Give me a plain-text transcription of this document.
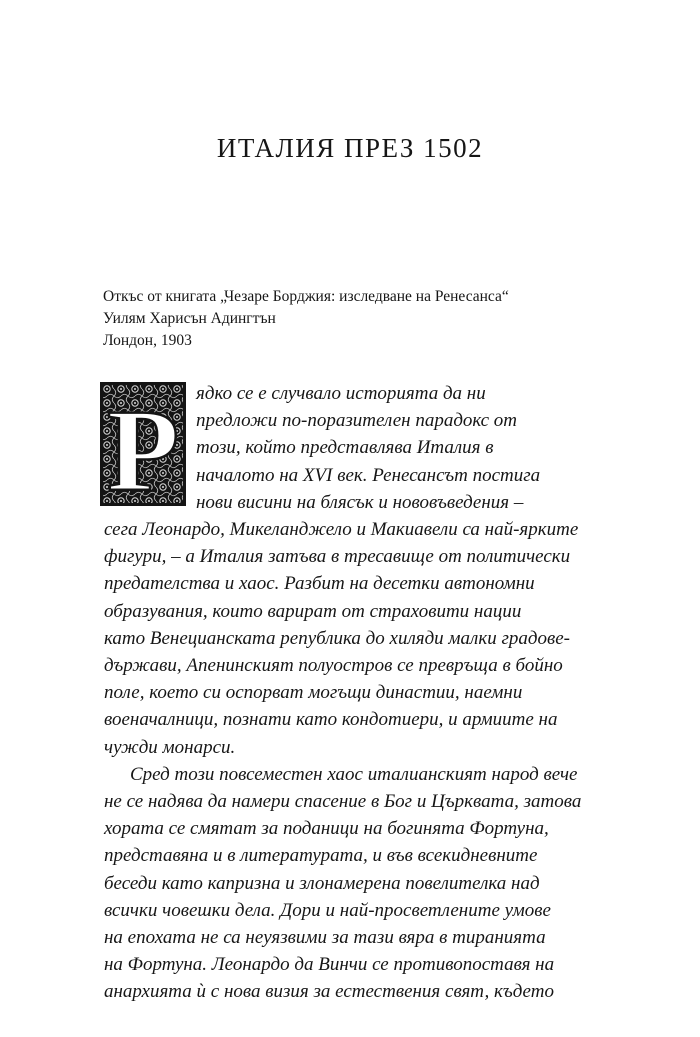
ИТАЛИЯ ПРЕЗ 1502
Откъс от книгата „Чезаре Борджия: изследване на Ренесанса“
Уилям Харисън Адингтън
Лондон, 1903
Р ядко се е случвало историята да ни
предложи по-поразителен парадокс от
този, който представлява Италия в
началото на XVI век. Ренесансът постига
нови висини на блясък и нововъведения –
сега Леонардо, Микеланджело и Макиавели са най-ярките
фигури, – а Италия затъва в тресавище от политически
предателства и хаос. Разбит на десетки автономни
образувания, които варират от страховити нации
като Венецианската република до хиляди малки градове-
държави, Апенинският полуостров се превръща в бойно
поле, което си оспорват могъщи династии, наемни
военачалници, познати като кондотиери, и армиите на
чужди монарси.
Сред този повсеместен хаос италианският народ вече
не се надява да намери спасение в Бог и Църквата, затова
хората се смятат за поданици на богинята Фортуна,
представяна и в литературата, и във всекидневните
беседи като капризна и злонамерена повелителка над
всички човешки дела. Дори и най-просветлените умове
на епохата не са неуязвими за тази вяра в тиранията
на Фортуна. Леонардо да Винчи се противопоставя на
анархията ѝ с нова визия за естествения свят, където
